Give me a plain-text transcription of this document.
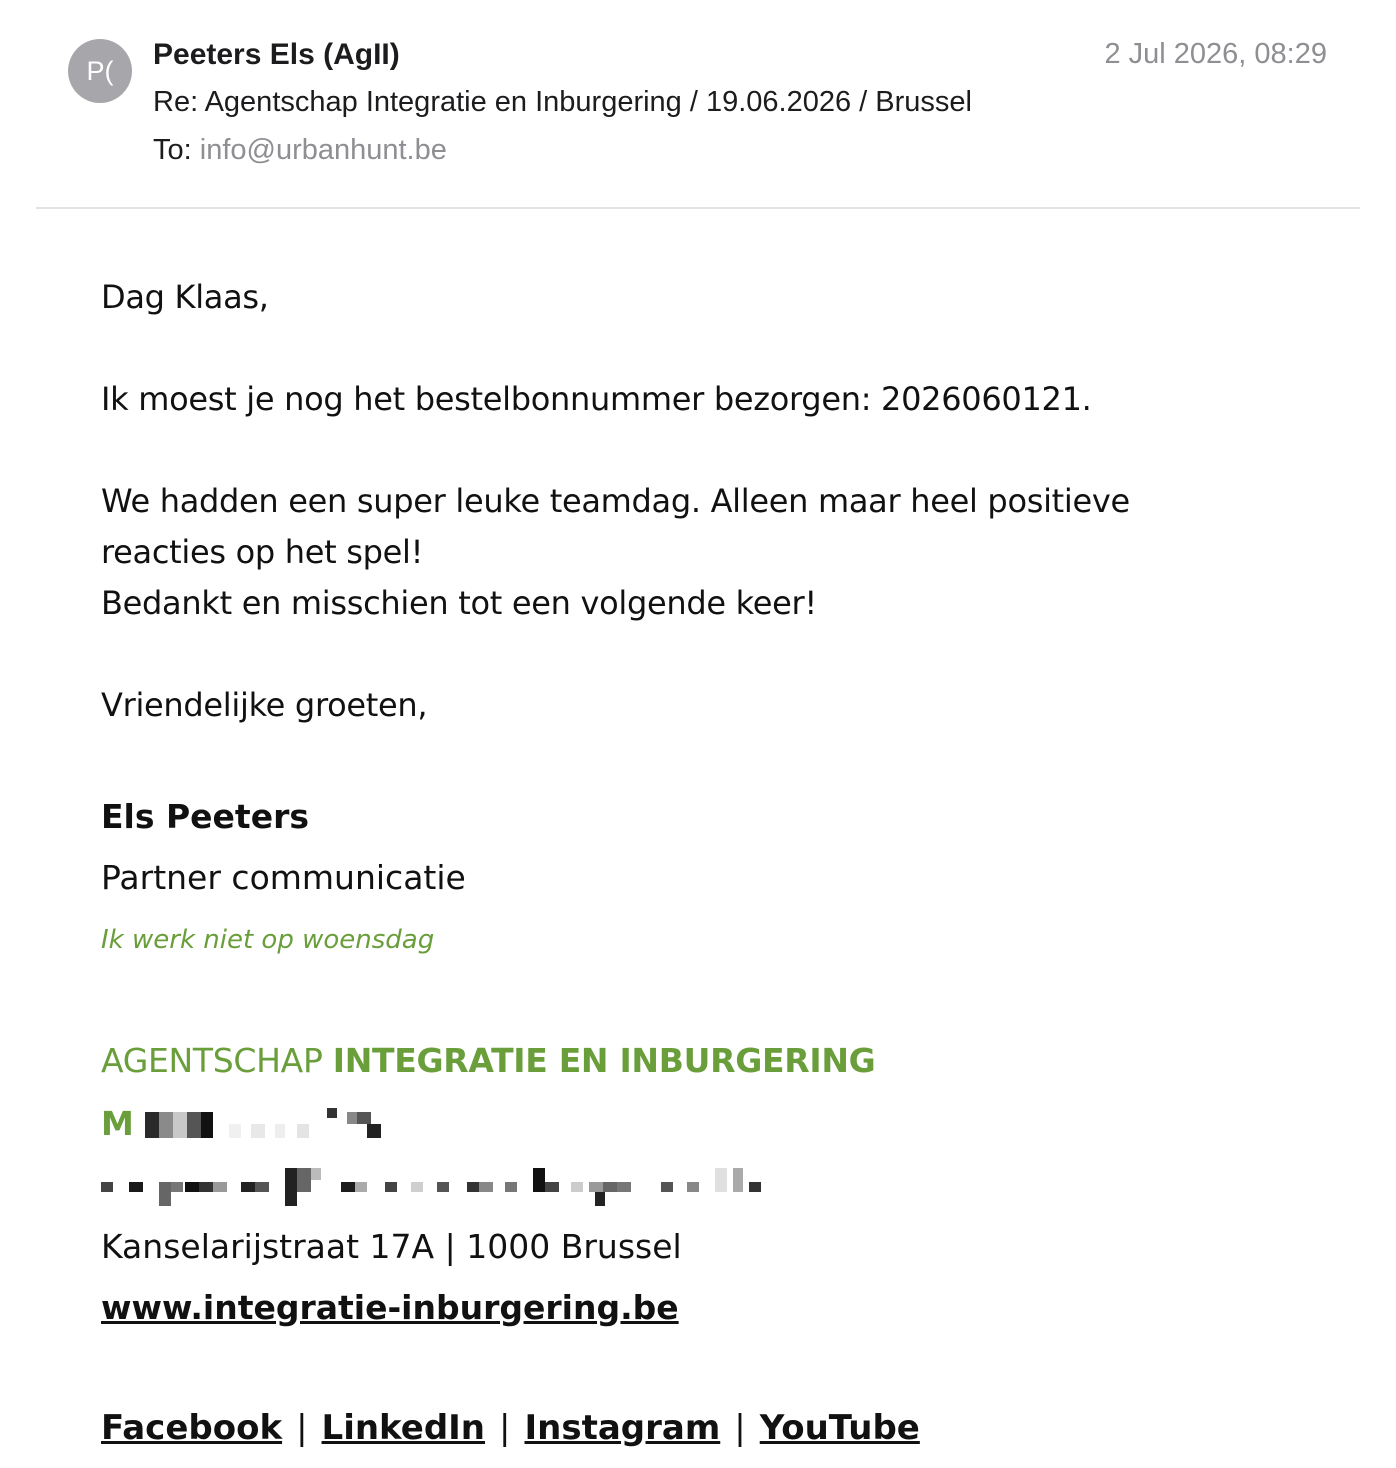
P(	Peeters Els (AgII)	2 Jul 2026, 08:29
Re: Agentschap Integratie en Inburgering / 19.06.2026 / Brussel
To: info@urbanhunt.be
Dag Klaas,
Ik moest je nog het bestelbonnummer bezorgen: 2026060121.
We hadden een super leuke teamdag. Alleen maar heel positieve
reacties op het spel!
Bedankt en misschien tot een volgende keer!
Vriendelijke groeten,
Els Peeters
Partner communicatie
Ik werk niet op woensdag
AGENTSCHAP INTEGRATIE EN INBURGERING
M
Kanselarijstraat 17A | 1000 Brussel
www.integratie-inburgering.be
Facebook | LinkedIn | Instagram | YouTube
